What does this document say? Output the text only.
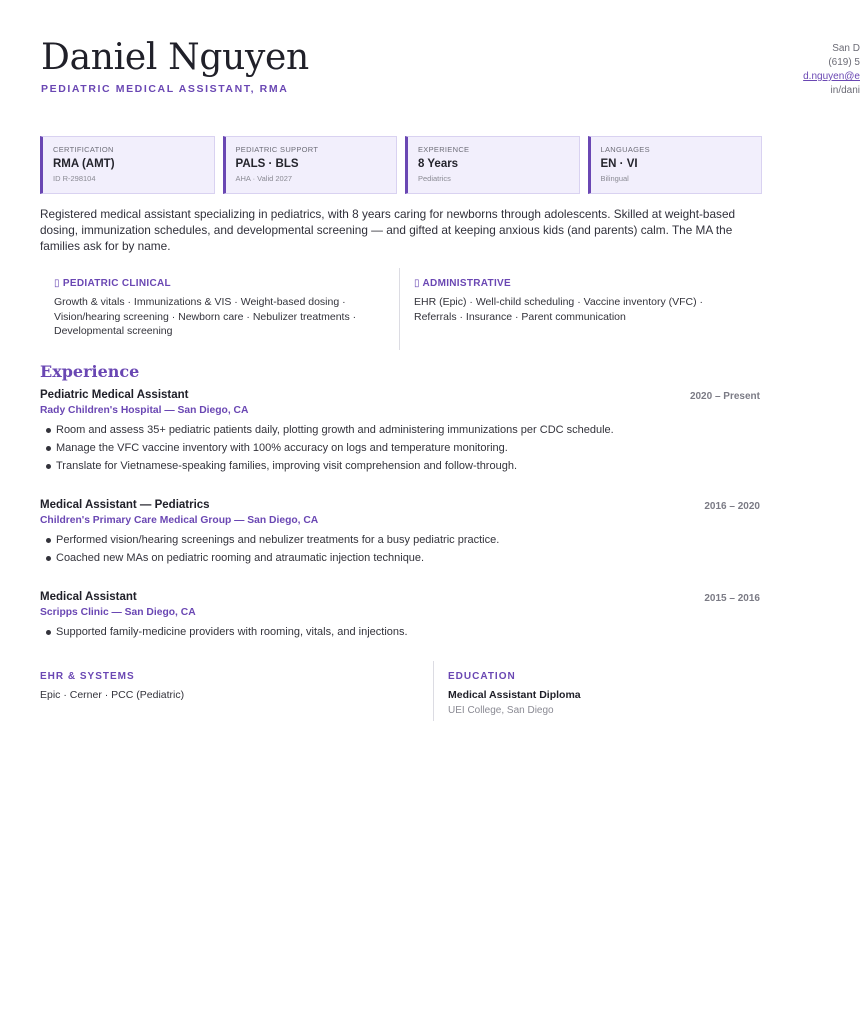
Daniel Nguyen
PEDIATRIC MEDICAL ASSISTANT, RMA
San D
(619) 5
d.nguyen@e
in/dani
CERTIFICATION
RMA (AMT)
ID R-298104
PEDIATRIC SUPPORT
PALS · BLS
AHA · Valid 2027
EXPERIENCE
8 Years
Pediatrics
LANGUAGES
EN · VI
Bilingual

Registered medical assistant specializing in pediatrics, with 8 years caring for newborns through adolescents. Skilled at weight-based dosing, immunization schedules, and developmental screening — and gifted at keeping anxious kids (and parents) calm. The MA the families ask for by name.

▯ PEDIATRIC CLINICAL
Growth & vitals · Immunizations & VIS · Weight-based dosing · Vision/hearing screening · Newborn care · Nebulizer treatments · Developmental screening
▯ ADMINISTRATIVE
EHR (Epic) · Well-child scheduling · Vaccine inventory (VFC) · Referrals · Insurance · Parent communication
Experience
Pediatric Medical Assistant
Rady Children's Hospital — San Diego, CA
2020 – Present
Room and assess 35+ pediatric patients daily, plotting growth and administering immunizations per CDC schedule.
Manage the VFC vaccine inventory with 100% accuracy on logs and temperature monitoring.
Translate for Vietnamese-speaking families, improving visit comprehension and follow-through.
Medical Assistant — Pediatrics
Children's Primary Care Medical Group — San Diego, CA
2016 – 2020
Performed vision/hearing screenings and nebulizer treatments for a busy pediatric practice.
Coached new MAs on pediatric rooming and atraumatic injection technique.
Medical Assistant
Scripps Clinic — San Diego, CA
2015 – 2016
Supported family-medicine providers with rooming, vitals, and injections.
EHR & SYSTEMS
Epic · Cerner · PCC (Pediatric)
EDUCATION
Medical Assistant Diploma
UEI College, San Diego
